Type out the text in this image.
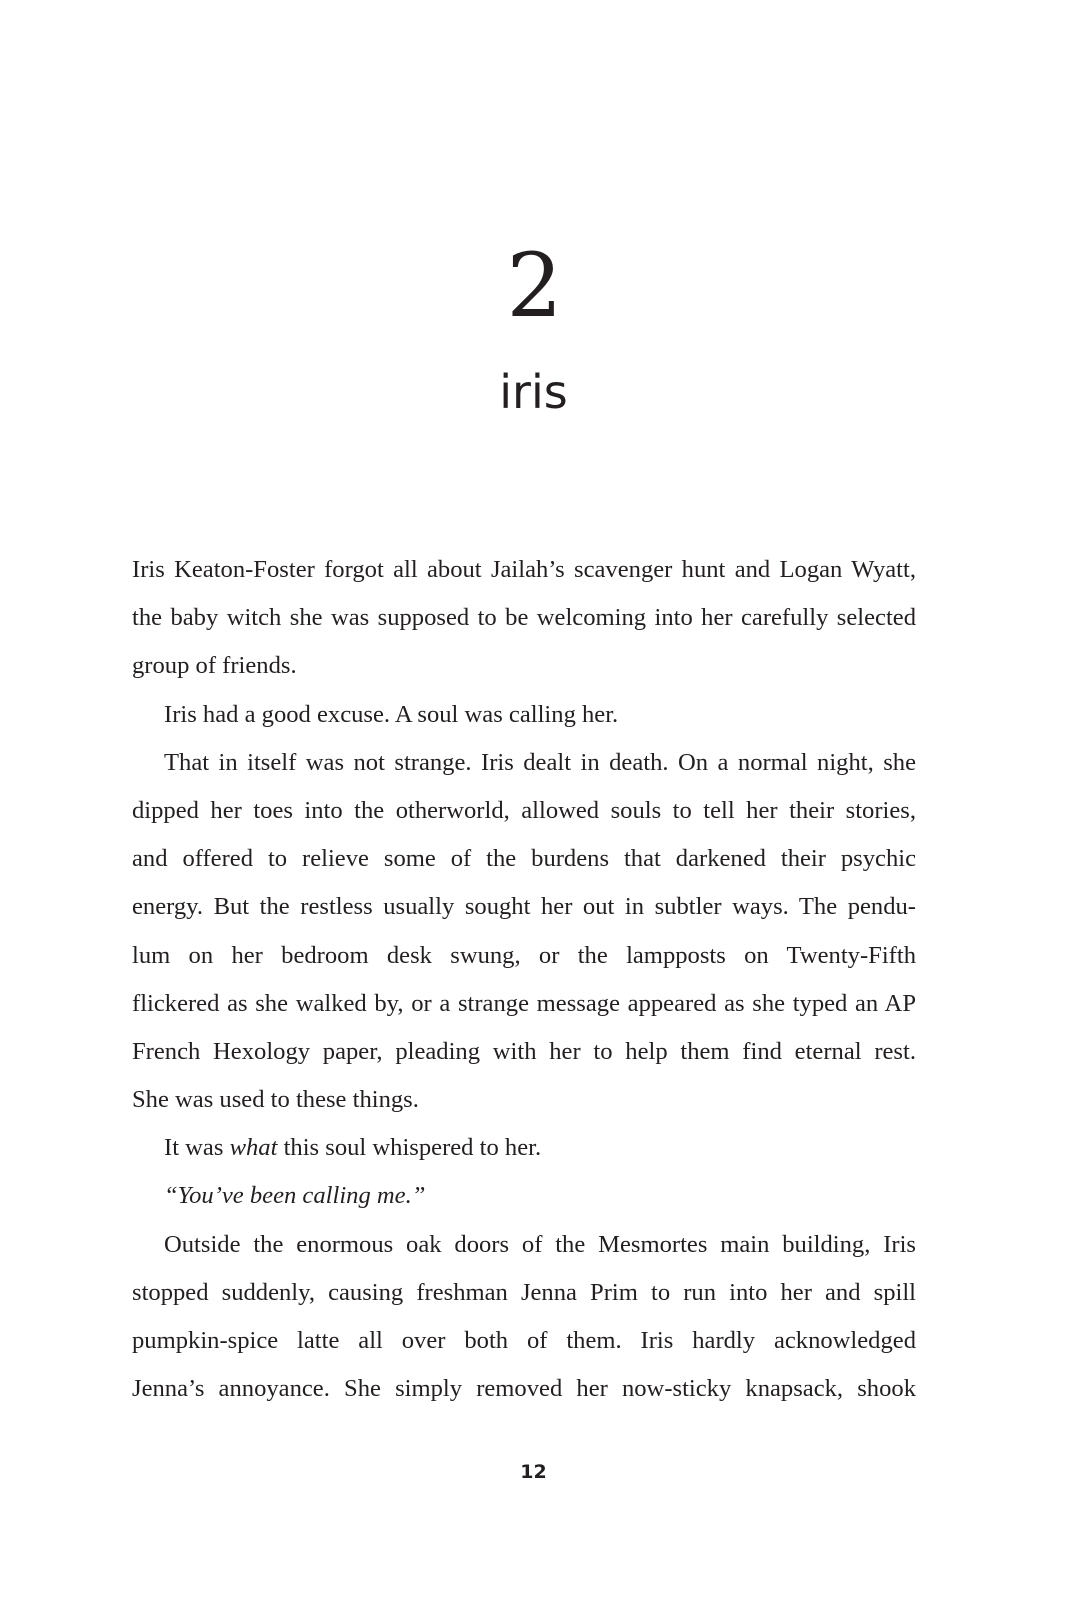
2
iris
Iris Keaton-Foster forgot all about Jailah’s scavenger hunt and Logan Wyatt,
the baby witch she was supposed to be welcoming into her carefully selected
group of friends.
Iris had a good excuse. A soul was calling her.
That in itself was not strange. Iris dealt in death. On a normal night, she
dipped her toes into the otherworld, allowed souls to tell her their stories,
and offered to relieve some of the burdens that darkened their psychic
energy. But the restless usually sought her out in subtler ways. The pendu-
lum on her bedroom desk swung, or the lampposts on Twenty-Fifth
flickered as she walked by, or a strange message appeared as she typed an AP
French Hexology paper, pleading with her to help them find eternal rest.
She was used to these things.
It was what this soul whispered to her.
“You’ve been calling me.”
Outside the enormous oak doors of the Mesmortes main building, Iris
stopped suddenly, causing freshman Jenna Prim to run into her and spill
pumpkin-spice latte all over both of them. Iris hardly acknowledged
Jenna’s annoyance. She simply removed her now-sticky knapsack, shook
12
